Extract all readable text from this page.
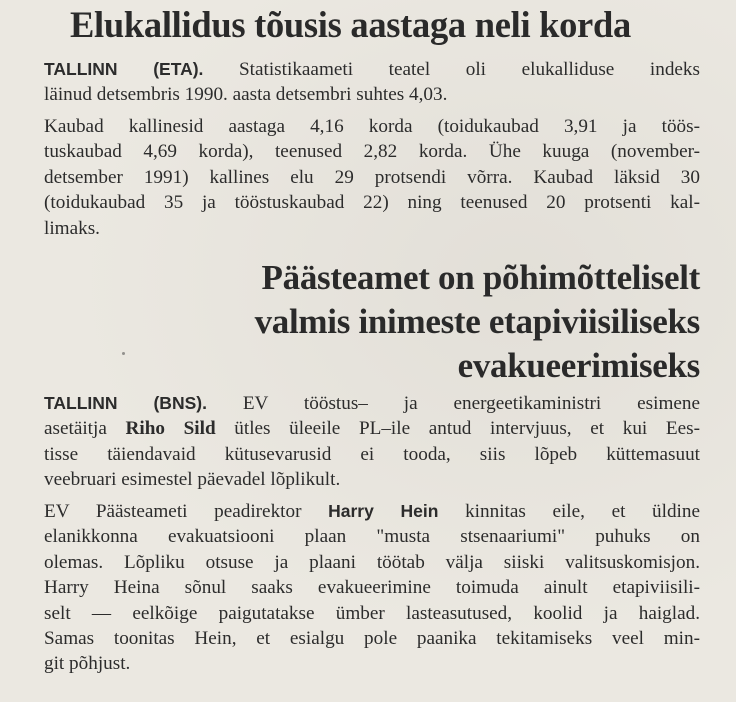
Elukallidus tõusis aastaga neli korda
TALLINN (ETA). Statistikaameti teatel oli elukalliduse indeks
läinud detsembris 1990. aasta detsembri suhtes 4,03.
Kaubad kallinesid aastaga 4,16 korda (toidukaubad 3,91 ja töös-
tuskaubad 4,69 korda), teenused 2,82 korda. Ühe kuuga (november-
detsember 1991) kallines elu 29 protsendi võrra. Kaubad läksid 30
(toidukaubad 35 ja tööstuskaubad 22) ning teenused 20 protsenti kal-
limaks.
Päästeamet on põhimõtteliselt
valmis inimeste etapiviisiliseks
evakueerimiseks
TALLINN (BNS). EV tööstus– ja energeetikaministri esimene
asetäitja Riho Sild ütles üleeile PL–ile antud intervjuus, et kui Ees-
tisse täiendavaid kütusevarusid ei tooda, siis lõpeb küttemasuut
veebruari esimestel päevadel lõplikult.
EV Päästeameti peadirektor Harry Hein kinnitas eile, et üldine
elanikkonna evakuatsiooni plaan "musta stsenaariumi" puhuks on
olemas. Lõpliku otsuse ja plaani töötab välja siiski valitsuskomisjon.
Harry Heina sõnul saaks evakueerimine toimuda ainult etapiviisili-
selt — eelkõige paigutatakse ümber lasteasutused, koolid ja haiglad.
Samas toonitas Hein, et esialgu pole paanika tekitamiseks veel min-
git põhjust.
